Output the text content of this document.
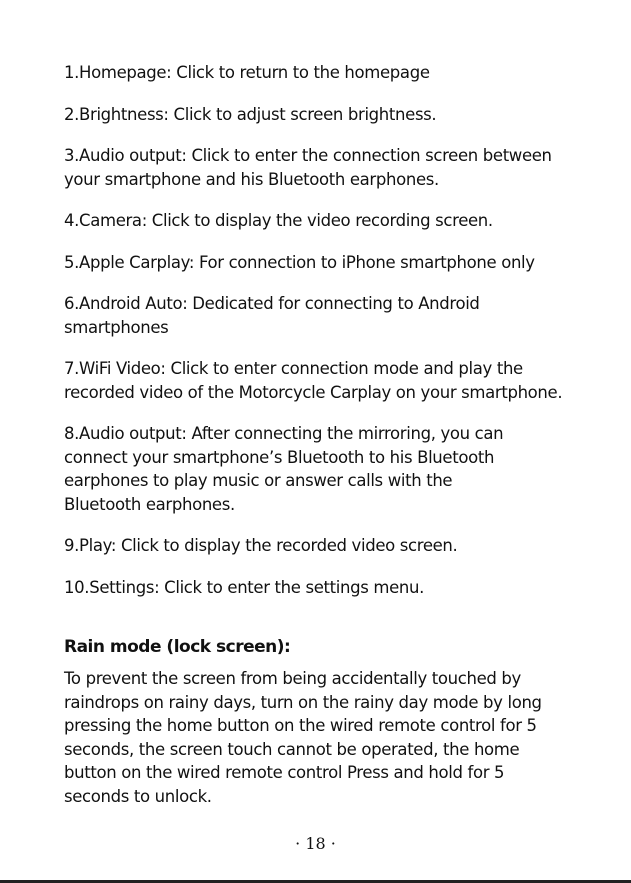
1.Homepage: Click to return to the homepage

2.Brightness: Click to adjust screen brightness.

3.Audio output: Click to enter the connection screen between
your smartphone and his Bluetooth earphones.

4.Camera: Click to display the video recording screen.

5.Apple Carplay: For connection to iPhone smartphone only

6.Android Auto: Dedicated for connecting to Android
smartphones

7.WiFi Video: Click to enter connection mode and play the
recorded video of the Motorcycle Carplay on your smartphone.

8.Audio output: After connecting the mirroring, you can
connect your smartphone’s Bluetooth to his Bluetooth
earphones to play music or answer calls with the
Bluetooth earphones.

9.Play: Click to display the recorded video screen.

10.Settings: Click to enter the settings menu.

Rain mode (lock screen):

To prevent the screen from being accidentally touched by
raindrops on rainy days, turn on the rainy day mode by long
pressing the home button on the wired remote control for 5
seconds, the screen touch cannot be operated, the home
button on the wired remote control Press and hold for 5
seconds to unlock.

· 18 ·
